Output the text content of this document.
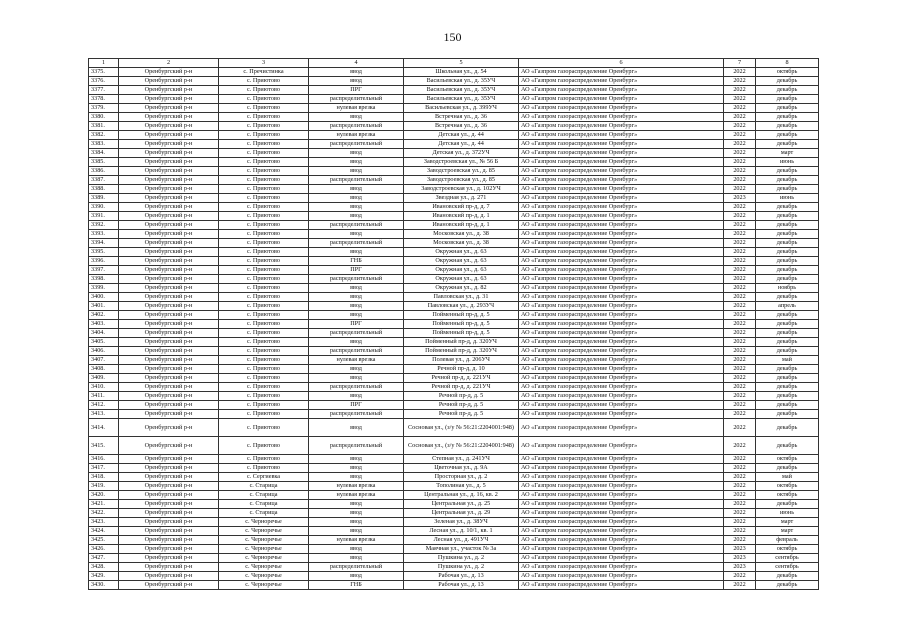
150
1	2	3	4	5	6	7	8
3375.	Оренбургский р-н	с. Пречистинка	ввод	Школьная ул., д. 54	АО «Газпром газораспределение Оренбург»	2022	октябрь
3376.	Оренбургский р-н	с. Приютово	ввод	Васильевская ул., д. 35УЧ	АО «Газпром газораспределение Оренбург»	2022	декабрь
3377.	Оренбургский р-н	с. Приютово	ПРГ	Васильевская ул., д. 35УЧ	АО «Газпром газораспределение Оренбург»	2022	декабрь
3378.	Оренбургский р-н	с. Приютово	распределительный	Васильевская ул., д. 35УЧ	АО «Газпром газораспределение Оренбург»	2022	декабрь
3379.	Оренбургский р-н	с. Приютово	нулевая врезка	Васильевская ул., д. 399УЧ	АО «Газпром газораспределение Оренбург»	2022	декабрь
3380.	Оренбургский р-н	с. Приютово	ввод	Встречная ул., д. 36	АО «Газпром газораспределение Оренбург»	2022	декабрь
3381.	Оренбургский р-н	с. Приютово	распределительный	Встречная ул., д. 36	АО «Газпром газораспределение Оренбург»	2022	декабрь
3382.	Оренбургский р-н	с. Приютово	нулевая врезка	Детская ул., д. 44	АО «Газпром газораспределение Оренбург»	2022	декабрь
3383.	Оренбургский р-н	с. Приютово	распределительный	Детская ул., д. 44	АО «Газпром газораспределение Оренбург»	2022	декабрь
3384.	Оренбургский р-н	с. Приютово	ввод	Детская ул., д. 372УЧ	АО «Газпром газораспределение Оренбург»	2022	март
3385.	Оренбургский р-н	с. Приютово	ввод	Заводстроевская ул., № 56 Б	АО «Газпром газораспределение Оренбург»	2022	июнь
3386.	Оренбургский р-н	с. Приютово	ввод	Заводстроевская ул., д. 85	АО «Газпром газораспределение Оренбург»	2022	декабрь
3387.	Оренбургский р-н	с. Приютово	распределительный	Заводстроевская ул., д. 85	АО «Газпром газораспределение Оренбург»	2022	декабрь
3388.	Оренбургский р-н	с. Приютово	ввод	Заводстроевская ул., д. 102УЧ	АО «Газпром газораспределение Оренбург»	2022	декабрь
3389.	Оренбургский р-н	с. Приютово	ввод	Звездная ул., д. 271	АО «Газпром газораспределение Оренбург»	2023	июнь
3390.	Оренбургский р-н	с. Приютово	ввод	Ивановский пр-д, д. 7	АО «Газпром газораспределение Оренбург»	2022	декабрь
3391.	Оренбургский р-н	с. Приютово	ввод	Ивановский пр-д, д. 1	АО «Газпром газораспределение Оренбург»	2022	декабрь
3392.	Оренбургский р-н	с. Приютово	распределительный	Ивановский пр-д, д. 1	АО «Газпром газораспределение Оренбург»	2022	декабрь
3393.	Оренбургский р-н	с. Приютово	ввод	Московская ул., д. 38	АО «Газпром газораспределение Оренбург»	2022	декабрь
3394.	Оренбургский р-н	с. Приютово	распределительный	Московская ул., д. 38	АО «Газпром газораспределение Оренбург»	2022	декабрь
3395.	Оренбургский р-н	с. Приютово	ввод	Окружная ул., д. 63	АО «Газпром газораспределение Оренбург»	2022	декабрь
3396.	Оренбургский р-н	с. Приютово	ГНБ	Окружная ул., д. 63	АО «Газпром газораспределение Оренбург»	2022	декабрь
3397.	Оренбургский р-н	с. Приютово	ПРГ	Окружная ул., д. 63	АО «Газпром газораспределение Оренбург»	2022	декабрь
3398.	Оренбургский р-н	с. Приютово	распределительный	Окружная ул., д. 63	АО «Газпром газораспределение Оренбург»	2022	декабрь
3399.	Оренбургский р-н	с. Приютово	ввод	Окружная ул., д. 82	АО «Газпром газораспределение Оренбург»	2022	ноябрь
3400.	Оренбургский р-н	с. Приютово	ввод	Павловская ул., д. 31	АО «Газпром газораспределение Оренбург»	2022	декабрь
3401.	Оренбургский р-н	с. Приютово	ввод	Павловская ул., д. 293УЧ	АО «Газпром газораспределение Оренбург»	2022	апрель
3402.	Оренбургский р-н	с. Приютово	ввод	Пойменный пр-д, д. 5	АО «Газпром газораспределение Оренбург»	2022	декабрь
3403.	Оренбургский р-н	с. Приютово	ПРГ	Пойменный пр-д, д. 5	АО «Газпром газораспределение Оренбург»	2022	декабрь
3404.	Оренбургский р-н	с. Приютово	распределительный	Пойменный пр-д, д. 5	АО «Газпром газораспределение Оренбург»	2022	декабрь
3405.	Оренбургский р-н	с. Приютово	ввод	Пойменный пр-д, д. 320УЧ	АО «Газпром газораспределение Оренбург»	2022	декабрь
3406.	Оренбургский р-н	с. Приютово	распределительный	Пойменный пр-д, д. 320УЧ	АО «Газпром газораспределение Оренбург»	2022	декабрь
3407.	Оренбургский р-н	с. Приютово	нулевая врезка	Полевая ул., д. 206УЧ	АО «Газпром газораспределение Оренбург»	2022	май
3408.	Оренбургский р-н	с. Приютово	ввод	Речной пр-д, д. 10	АО «Газпром газораспределение Оренбург»	2022	декабрь
3409.	Оренбургский р-н	с. Приютово	ввод	Речной пр-д, д. 221УЧ	АО «Газпром газораспределение Оренбург»	2022	декабрь
3410.	Оренбургский р-н	с. Приютово	распределительный	Речной пр-д, д. 221УЧ	АО «Газпром газораспределение Оренбург»	2022	декабрь
3411.	Оренбургский р-н	с. Приютово	ввод	Речной пр-д, д. 5	АО «Газпром газораспределение Оренбург»	2022	декабрь
3412.	Оренбургский р-н	с. Приютово	ПРГ	Речной пр-д, д. 5	АО «Газпром газораспределение Оренбург»	2022	декабрь
3413.	Оренбургский р-н	с. Приютово	распределительный	Речной пр-д, д. 5	АО «Газпром газораспределение Оренбург»	2022	декабрь
3414.	Оренбургский р-н	с. Приютово	ввод	Сосновая ул., (з/у № 56:21:2204001:948)	АО «Газпром газораспределение Оренбург»	2022	декабрь
3415.	Оренбургский р-н	с. Приютово	распределительный	Сосновая ул., (з/у № 56:21:2204001:948)	АО «Газпром газораспределение Оренбург»	2022	декабрь
3416.	Оренбургский р-н	с. Приютово	ввод	Степная ул., д. 241УЧ	АО «Газпром газораспределение Оренбург»	2022	октябрь
3417.	Оренбургский р-н	с. Приютово	ввод	Цветочная ул., д. 9А	АО «Газпром газораспределение Оренбург»	2022	декабрь
3418.	Оренбургский р-н	с. Сергиевка	ввод	Просторная ул., д. 2	АО «Газпром газораспределение Оренбург»	2022	май
3419.	Оренбургский р-н	с. Старица	нулевая врезка	Тополиная ул., д. 5	АО «Газпром газораспределение Оренбург»	2022	октябрь
3420.	Оренбургский р-н	с. Старица	нулевая врезка	Центральная ул., д. 16, кв. 2	АО «Газпром газораспределение Оренбург»	2022	октябрь
3421.	Оренбургский р-н	с. Старица	ввод	Центральная ул., д. 25	АО «Газпром газораспределение Оренбург»	2022	декабрь
3422.	Оренбургский р-н	с. Старица	ввод	Центральная ул., д. 29	АО «Газпром газораспределение Оренбург»	2022	июнь
3423.	Оренбургский р-н	с. Черноречье	ввод	Зеленая ул., д. 38УЧ	АО «Газпром газораспределение Оренбург»	2022	март
3424.	Оренбургский р-н	с. Черноречье	ввод	Лесная ул., д. 10/1, кв. 1	АО «Газпром газораспределение Оренбург»	2022	март
3425.	Оренбургский р-н	с. Черноречье	нулевая врезка	Лесная ул., д. 491УЧ	АО «Газпром газораспределение Оренбург»	2022	февраль
3426.	Оренбургский р-н	с. Черноречье	ввод	Маячная ул., участок № 3а	АО «Газпром газораспределение Оренбург»	2023	октябрь
3427.	Оренбургский р-н	с. Черноречье	ввод	Пушкина ул., д. 2	АО «Газпром газораспределение Оренбург»	2023	сентябрь
3428.	Оренбургский р-н	с. Черноречье	распределительный	Пушкина ул., д. 2	АО «Газпром газораспределение Оренбург»	2023	сентябрь
3429.	Оренбургский р-н	с. Черноречье	ввод	Рабочая ул., д. 13	АО «Газпром газораспределение Оренбург»	2022	декабрь
3430.	Оренбургский р-н	с. Черноречье	ГНБ	Рабочая ул., д. 13	АО «Газпром газораспределение Оренбург»	2022	декабрь
